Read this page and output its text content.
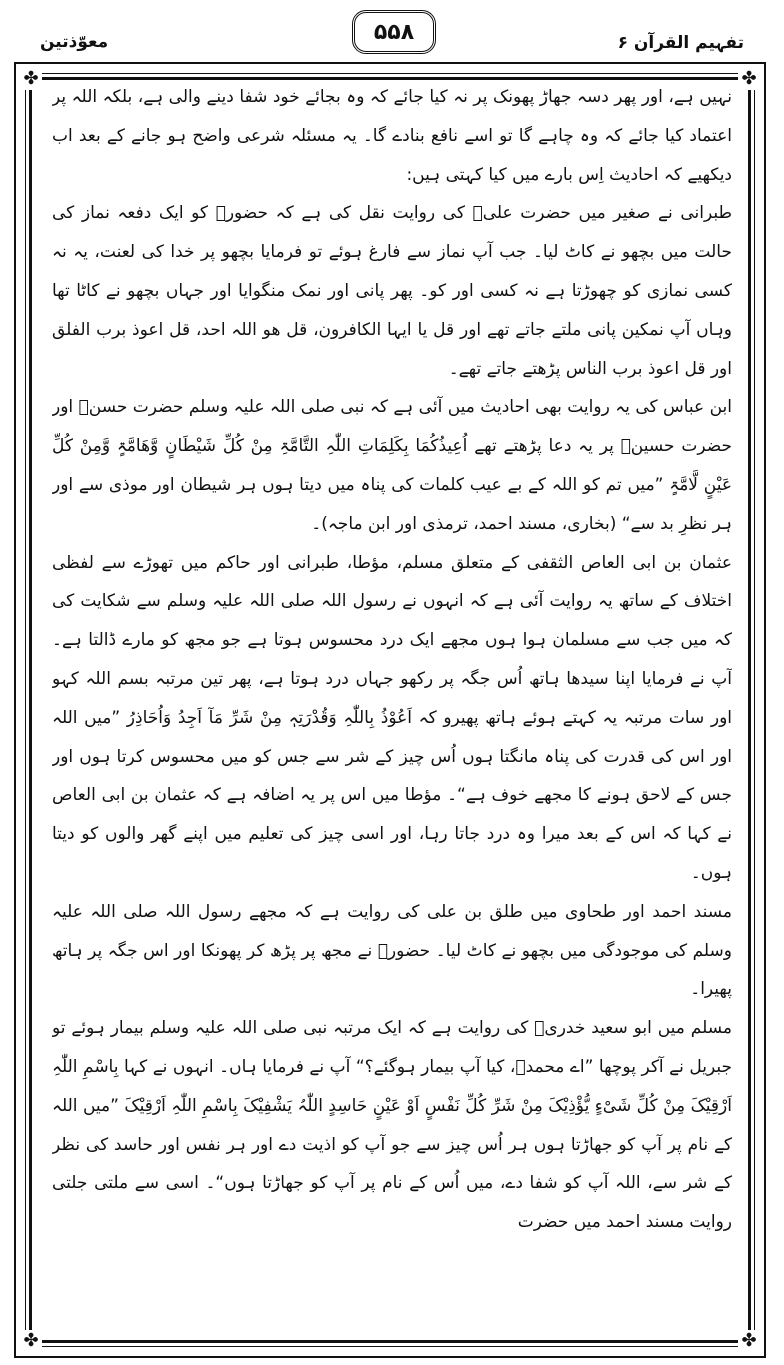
معوّذتین	۵۵۸	تفہیم القرآن ۶
✤	✤
✤	✤

نہیں ہے، اور پھر دسہ جھاڑ پھونک پر نہ کیا جائے کہ وہ بجائے خود شفا دینے والی ہے، بلکہ اللہ پر اعتماد کیا جائے کہ وہ چاہے گا تو اسے نافع بنادے گا۔ یہ مسئلہ شرعی واضح ہو جانے کے بعد اب دیکھیے کہ احادیث اِس بارے میں کیا کہتی ہیں:

طبرانی نے صغیر میں حضرت علیؓ کی روایت نقل کی ہے کہ حضورؐ کو ایک دفعہ نماز کی حالت میں بچھو نے کاٹ لیا۔ جب آپ نماز سے فارغ ہوئے تو فرمایا بچھو پر خدا کی لعنت، یہ نہ کسی نمازی کو چھوڑتا ہے نہ کسی اور کو۔ پھر پانی اور نمک منگوایا اور جہاں بچھو نے کاٹا تھا وہاں آپ نمکین پانی ملتے جاتے تھے اور قل یا ایہا الکافرون، قل ھو اللہ احد، قل اعوذ برب الفلق اور قل اعوذ برب الناس پڑھتے جاتے تھے۔

ابن عباس کی یہ روایت بھی احادیث میں آئی ہے کہ نبی صلی اللہ علیہ وسلم حضرت حسنؓ اور حضرت حسینؓ پر یہ دعا پڑھتے تھے اُعِیذُکُمَا بِکَلِمَاتِ اللّٰہِ التَّامَّۃِ مِنْ کُلِّ شَیْطَانٍ وَّھَامَّۃٍ وَّمِنْ کُلِّ عَیْنٍ لَّامَّۃٍ ”میں تم کو اللہ کے بے عیب کلمات کی پناہ میں دیتا ہوں ہر شیطان اور موذی سے اور ہر نظرِ بد سے“ (بخاری، مسند احمد، ترمذی اور ابن ماجہ)۔

عثمان بن ابی العاص الثقفی کے متعلق مسلم، مؤطا، طبرانی اور حاکم میں تھوڑے سے لفظی اختلاف کے ساتھ یہ روایت آئی ہے کہ انہوں نے رسول اللہ صلی اللہ علیہ وسلم سے شکایت کی کہ میں جب سے مسلمان ہوا ہوں مجھے ایک درد محسوس ہوتا ہے جو مجھ کو مارے ڈالتا ہے۔ آپ نے فرمایا اپنا سیدھا ہاتھ اُس جگہ پر رکھو جہاں درد ہوتا ہے، پھر تین مرتبہ بسم اللہ کہو اور سات مرتبہ یہ کہتے ہوئے ہاتھ پھیرو کہ اَعُوْذُ بِاللّٰہِ وَقُدْرَتِہٖ مِنْ شَرِّ مَآ اَجِدُ وَاُحَاذِرُ ”میں اللہ اور اس کی قدرت کی پناہ مانگتا ہوں اُس چیز کے شر سے جس کو میں محسوس کرتا ہوں اور جس کے لاحق ہونے کا مجھے خوف ہے“۔ مؤطا میں اس پر یہ اضافہ ہے کہ عثمان بن ابی العاص نے کہا کہ اس کے بعد میرا وہ درد جاتا رہا، اور اسی چیز کی تعلیم میں اپنے گھر والوں کو دیتا ہوں۔

مسند احمد اور طحاوی میں طلق بن علی کی روایت ہے کہ مجھے رسول اللہ صلی اللہ علیہ وسلم کی موجودگی میں بچھو نے کاٹ لیا۔ حضورؐ نے مجھ پر پڑھ کر پھونکا اور اس جگہ پر ہاتھ پھیرا۔

مسلم میں ابو سعید خدریؓ کی روایت ہے کہ ایک مرتبہ نبی صلی اللہ علیہ وسلم بیمار ہوئے تو جبریل نے آکر پوچھا ”اے محمدؐ، کیا آپ بیمار ہوگئے؟“ آپ نے فرمایا ہاں۔ انہوں نے کہا بِاسْمِ اللّٰہِ اَرْقِیْکَ مِنْ کُلِّ شَیْءٍ یُّؤْذِیْکَ مِنْ شَرِّ کُلِّ نَفْسٍ اَوْ عَیْنٍ حَاسِدٍ اللّٰہُ یَشْفِیْکَ بِاسْمِ اللّٰہِ اَرْقِیْکَ ”میں اللہ کے نام پر آپ کو جھاڑتا ہوں ہر اُس چیز سے جو آپ کو اذیت دے اور ہر نفس اور حاسد کی نظر کے شر سے، اللہ آپ کو شفا دے، میں اُس کے نام پر آپ کو جھاڑتا ہوں“۔ اسی سے ملتی جلتی روایت مسند احمد میں حضرت
